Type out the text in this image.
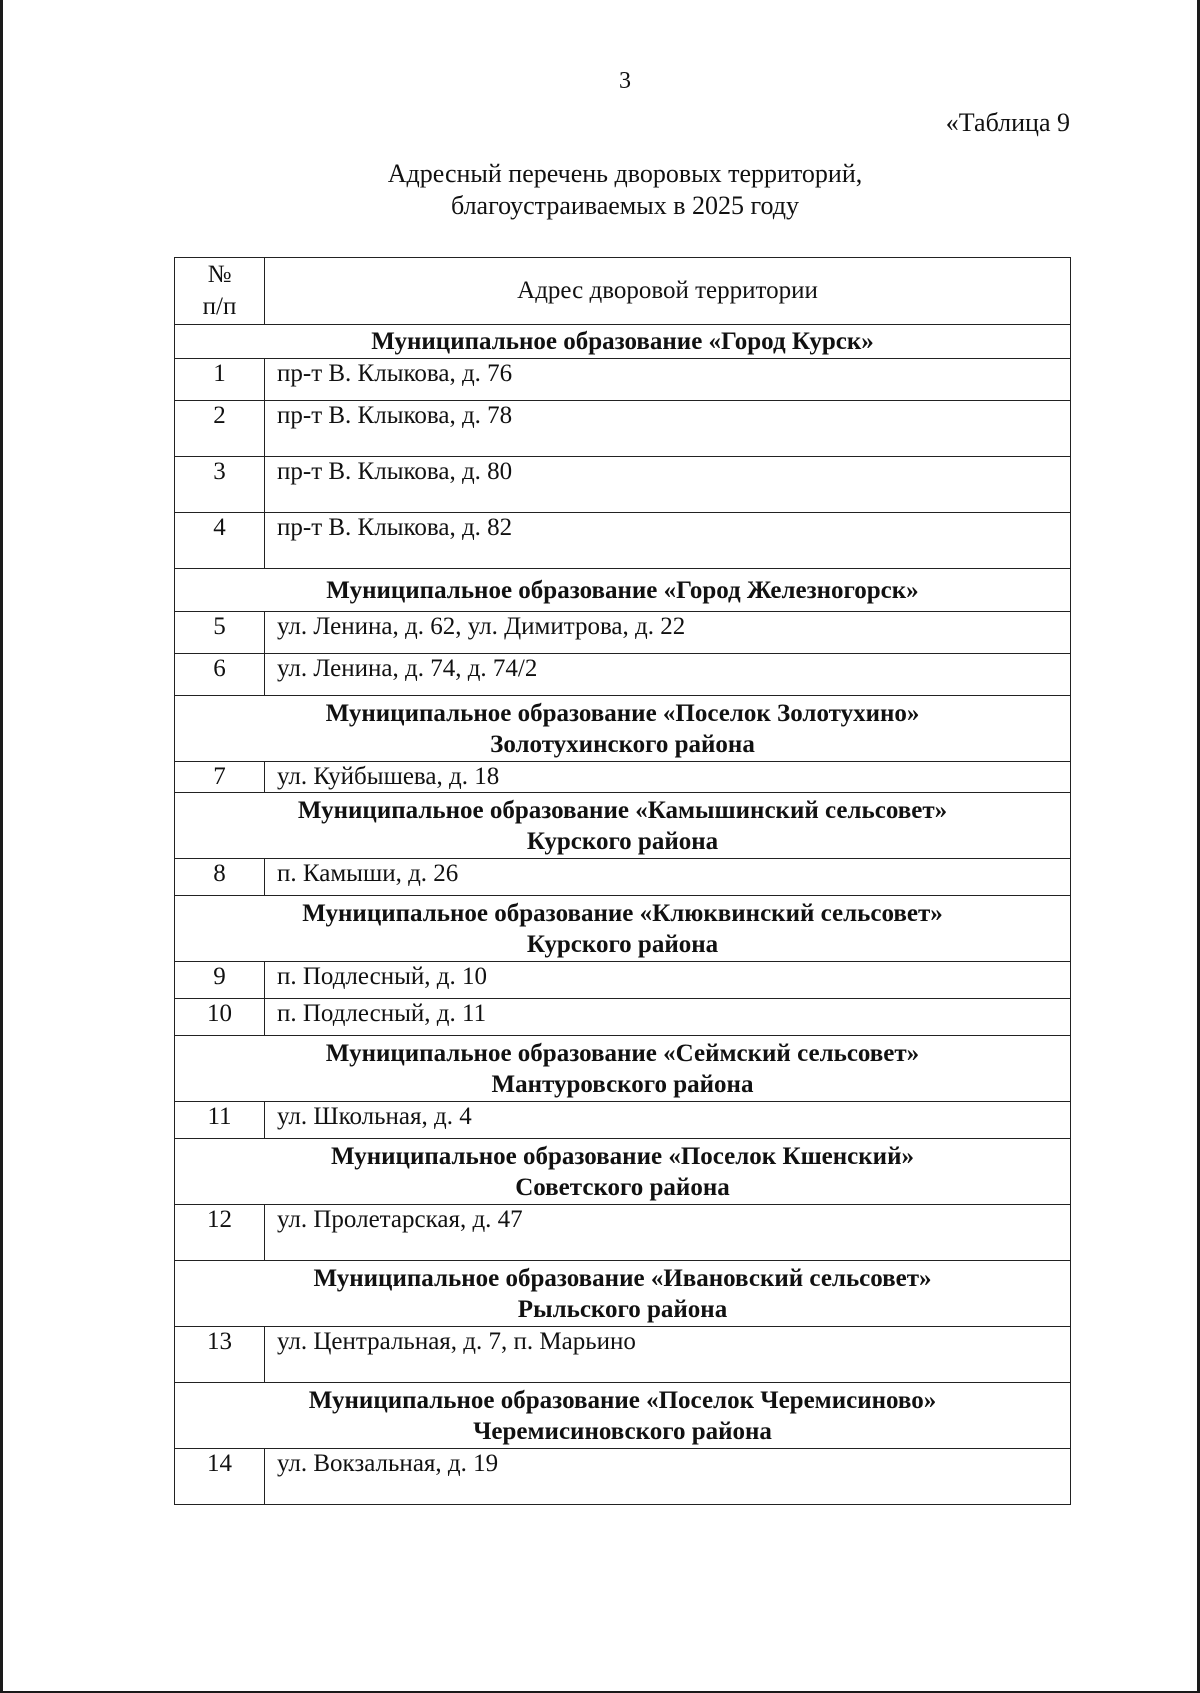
3
«Таблица 9
Адресный перечень дворовых территорий,
благоустраиваемых в 2025 году
№
п/п	Адрес дворовой территории

Муниципальное образование «Город Курск»	

1	пр-т В. Клыкова, д. 76
2	пр-т В. Клыкова, д. 78
3	пр-т В. Клыкова, д. 80
4	пр-т В. Клыкова, д. 82

Муниципальное образование «Город Железногорск»	

5	ул. Ленина, д. 62, ул. Димитрова, д. 22
6	ул. Ленина, д. 74, д. 74/2

Муниципальное образование «Поселок Золотухино»
Золотухинского района	

7	ул. Куйбышева, д. 18

Муниципальное образование «Камышинский сельсовет»
Курского района	

8	п. Камыши, д. 26

Муниципальное образование «Клюквинский сельсовет»
Курского района	

9	п. Подлесный, д. 10
10	п. Подлесный, д. 11

Муниципальное образование «Сеймский сельсовет»
Мантуровского района	

11	ул. Школьная, д. 4

Муниципальное образование «Поселок Кшенский»
Советского района	

12	ул. Пролетарская, д. 47

Муниципальное образование «Ивановский сельсовет»
Рыльского района	

13	ул. Центральная, д. 7, п. Марьино

Муниципальное образование «Поселок Черемисиново»
Черемисиновского района	

14	ул. Вокзальная, д. 19
